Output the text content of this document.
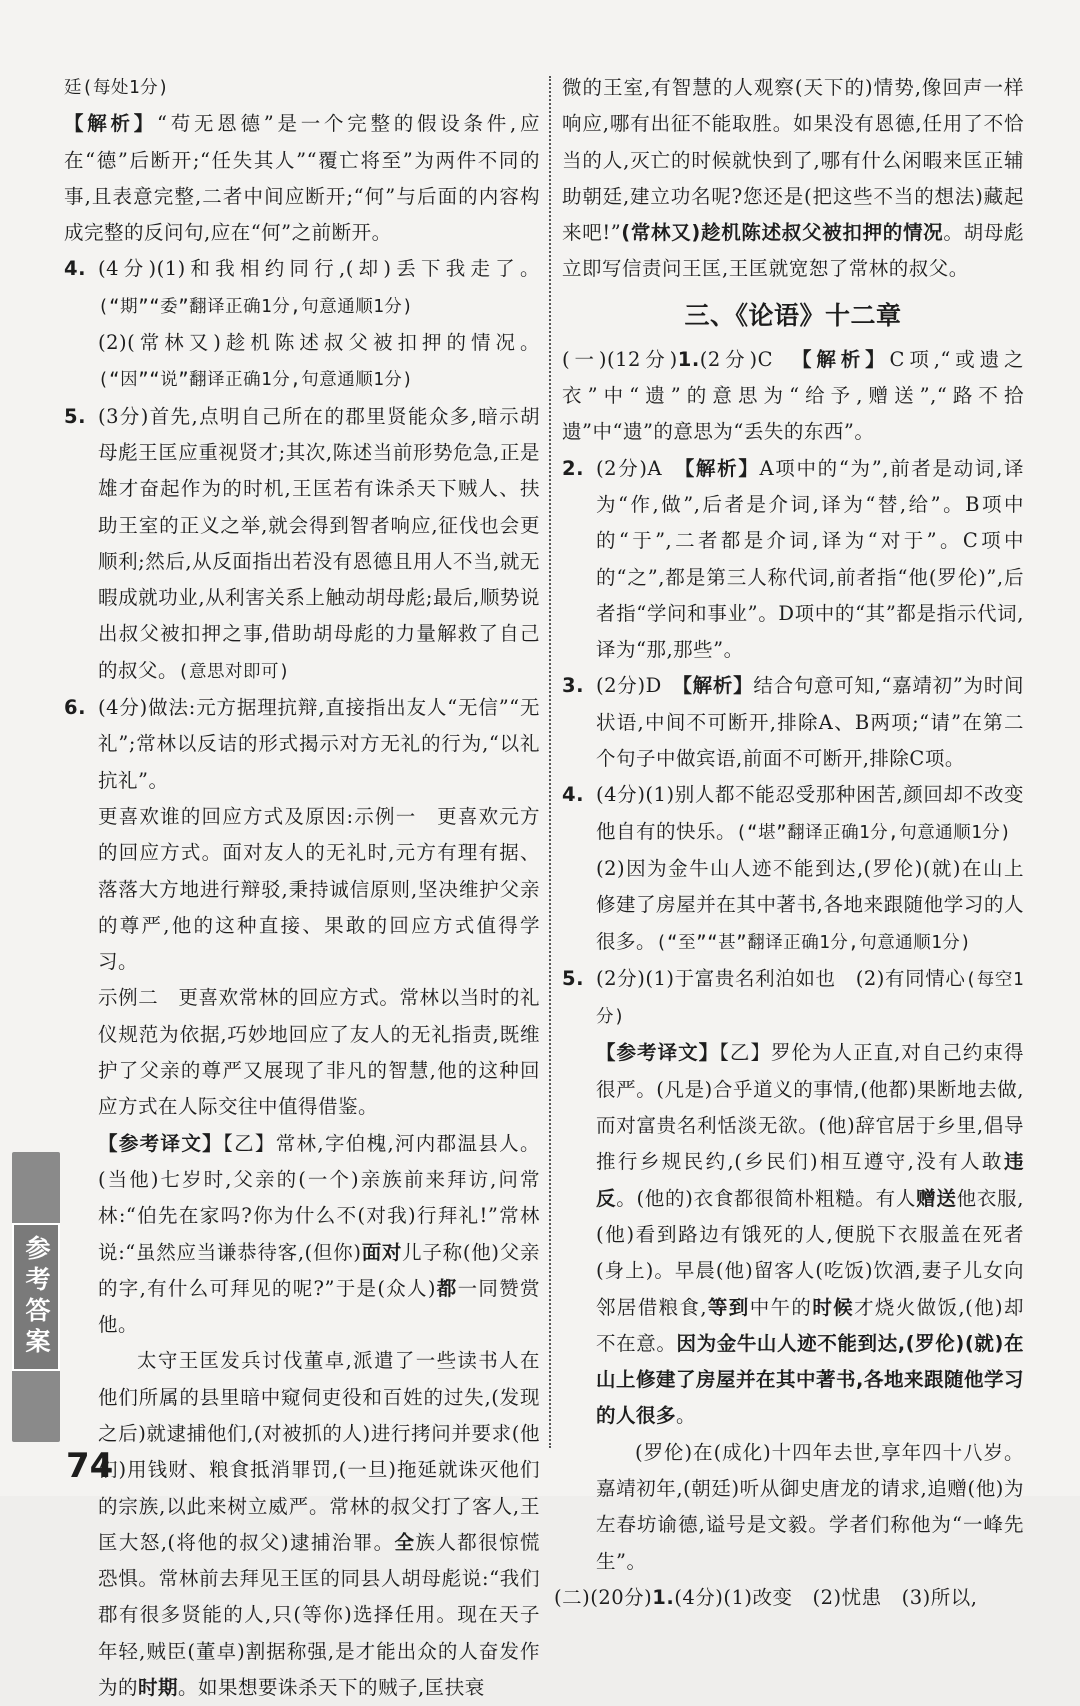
廷(每处1分)

【解析】“苟无恩德”是一个完整的假设条件,应在“德”后断开;“任失其人”“覆亡将至”为两件不同的事,且表意完整,二者中间应断开;“何”与后面的内容构成完整的反问句,应在“何”之前断开。

4. (4分)(1)和我相约同行,(却)丢下我走了。(“期”“委”翻译正确1分,句意通顺1分)

(2)(常林又)趁机陈述叔父被扣押的情况。(“因”“说”翻译正确1分,句意通顺1分)

5. (3分)首先,点明自己所在的郡里贤能众多,暗示胡母彪王匡应重视贤才;其次,陈述当前形势危急,正是雄才奋起作为的时机,王匡若有诛杀天下贼人、扶助王室的正义之举,就会得到智者响应,征伐也会更顺利;然后,从反面指出若没有恩德且用人不当,就无暇成就功业,从利害关系上触动胡母彪;最后,顺势说出叔父被扣押之事,借助胡母彪的力量解救了自己的叔父。(意思对即可)

6. (4分)做法:元方据理抗辩,直接指出友人“无信”“无礼”;常林以反诘的形式揭示对方无礼的行为,“以礼抗礼”。

更喜欢谁的回应方式及原因:示例一　更喜欢元方的回应方式。面对友人的无礼时,元方有理有据、落落大方地进行辩驳,秉持诚信原则,坚决维护父亲的尊严,他的这种直接、果敢的回应方式值得学习。

示例二　更喜欢常林的回应方式。常林以当时的礼仪规范为依据,巧妙地回应了友人的无礼指责,既维护了父亲的尊严又展现了非凡的智慧,他的这种回应方式在人际交往中值得借鉴。

【参考译文】【乙】常林,字伯槐,河内郡温县人。(当他)七岁时,父亲的(一个)亲族前来拜访,问常林:“伯先在家吗?你为什么不(对我)行拜礼!”常林说:“虽然应当谦恭待客,(但你)面对儿子称(他)父亲的字,有什么可拜见的呢?”于是(众人)都一同赞赏他。

太守王匡发兵讨伐董卓,派遣了一些读书人在他们所属的县里暗中窥伺吏役和百姓的过失,(发现之后)就逮捕他们,(对被抓的人)进行拷问并要求(他们)用钱财、粮食抵消罪罚,(一旦)拖延就诛灭他们的宗族,以此来树立威严。常林的叔父打了客人,王匡大怒,(将他的叔父)逮捕治罪。全族人都很惊慌恐惧。常林前去拜见王匡的同县人胡母彪说:“我们郡有很多贤能的人,只(等你)选择任用。现在天子年轻,贼臣(董卓)割据称强,是才能出众的人奋发作为的时期。如果想要诛杀天下的贼子,匡扶衰

微的王室,有智慧的人观察(天下的)情势,像回声一样响应,哪有出征不能取胜。如果没有恩德,任用了不恰当的人,灭亡的时候就快到了,哪有什么闲暇来匡正辅助朝廷,建立功名呢?您还是(把这些不当的想法)藏起来吧!”(常林又)趁机陈述叔父被扣押的情况。胡母彪立即写信责问王匡,王匡就宽恕了常林的叔父。

三、《论语》十二章

(一)(12分)1.(2分)C　 【解析】C项,“或遗之衣”中“遗”的意思为“给予,赠送”,“路不拾遗”中“遗”的意思为“丢失的东西”。

2. (2分)A　 【解析】A项中的“为”,前者是动词,译为“作,做”,后者是介词,译为“替,给”。B项中的“于”,二者都是介词,译为“对于”。C项中的“之”,都是第三人称代词,前者指“他(罗伦)”,后者指“学问和事业”。D项中的“其”都是指示代词,译为“那,那些”。

3. (2分)D　 【解析】结合句意可知,“嘉靖初”为时间状语,中间不可断开,排除A、B两项;“请”在第二个句子中做宾语,前面不可断开,排除C项。

4. (4分)(1)别人都不能忍受那种困苦,颜回却不改变他自有的快乐。(“堪”翻译正确1分,句意通顺1分)

(2)因为金牛山人迹不能到达,(罗伦)(就)在山上修建了房屋并在其中著书,各地来跟随他学习的人很多。(“至”“甚”翻译正确1分,句意通顺1分)

5. (2分)(1)于富贵名利泊如也　(2)有同情心(每空1分)

【参考译文】【乙】罗伦为人正直,对自己约束得很严。(凡是)合乎道义的事情,(他都)果断地去做,而对富贵名利恬淡无欲。(他)辞官居于乡里,倡导推行乡规民约,(乡民们)相互遵守,没有人敢违反。(他的)衣食都很简朴粗糙。有人赠送他衣服,(他)看到路边有饿死的人,便脱下衣服盖在死者(身上)。早晨(他)留客人(吃饭)饮酒,妻子儿女向邻居借粮食,等到中午的时候才烧火做饭,(他)却不在意。因为金牛山人迹不能到达,(罗伦)(就)在山上修建了房屋并在其中著书,各地来跟随他学习的人很多。

(罗伦)在(成化)十四年去世,享年四十八岁。嘉靖初年,(朝廷)听从御史唐龙的请求,追赠(他)为左春坊谕德,谥号是文毅。学者们称他为“一峰先生”。

(二)(20分)1.(4分)(1)改变　(2)忧患　(3)所以,

参考答案
74
